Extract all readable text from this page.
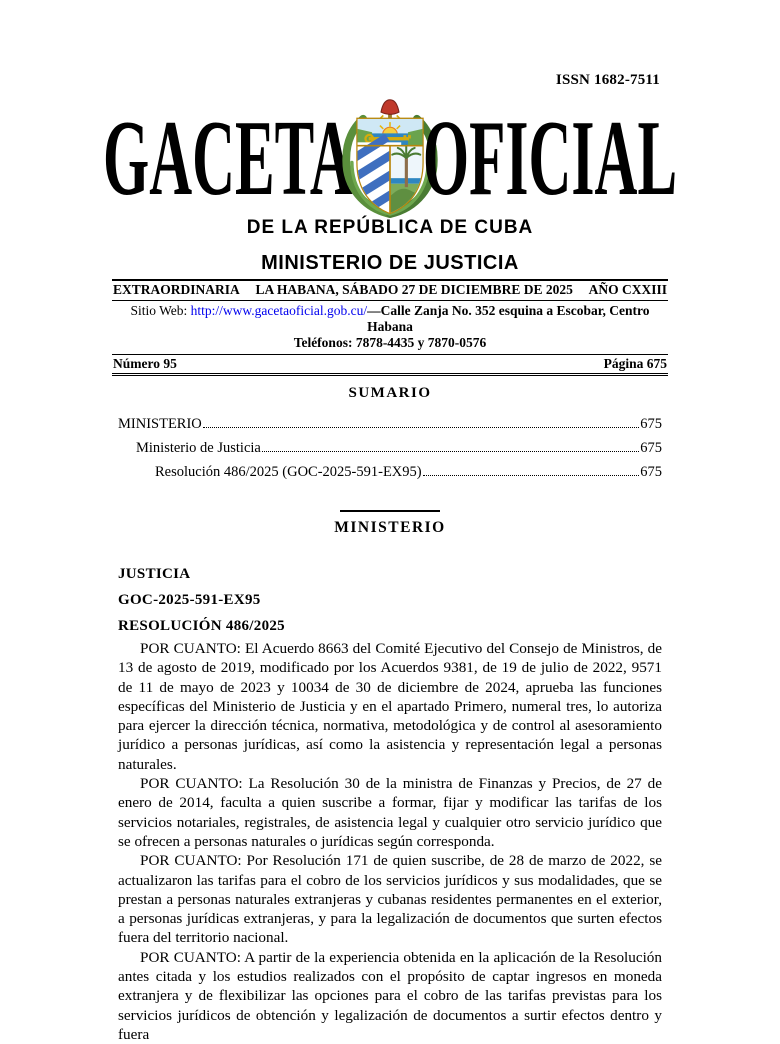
ISSN 1682-7511
GACETA OFICIAL
DE LA REPÚBLICA DE CUBA
MINISTERIO DE JUSTICIA
EXTRAORDINARIA LA HABANA, SÁBADO 27 DE DICIEMBRE DE 2025 AÑO CXXIII
Sitio Web: http://www.gacetaoficial.gob.cu/—Calle Zanja No. 352 esquina a Escobar, Centro Habana
Teléfonos: 7878-4435 y 7870-0576
Número 95	Página 675
SUMARIO
MINISTERIO	675
Ministerio de Justicia	675
Resolución 486/2025 (GOC-2025-591-EX95)	675
MINISTERIO
JUSTICIA
GOC-2025-591-EX95
RESOLUCIÓN 486/2025

POR CUANTO: El Acuerdo 8663 del Comité Ejecutivo del Consejo de Ministros, de 13 de agosto de 2019, modificado por los Acuerdos 9381, de 19 de julio de 2022, 9571 de 11 de mayo de 2023 y 10034 de 30 de diciembre de 2024, aprueba las funciones específicas del Ministerio de Justicia y en el apartado Primero, numeral tres, lo autoriza para ejercer la dirección técnica, normativa, metodológica y de control al asesoramiento jurídico a personas jurídicas, así como la asistencia y representación legal a personas naturales.

POR CUANTO: La Resolución 30 de la ministra de Finanzas y Precios, de 27 de enero de 2014, faculta a quien suscribe a formar, fijar y modificar las tarifas de los servicios notariales, registrales, de asistencia legal y cualquier otro servicio jurídico que se ofrecen a personas naturales o jurídicas según corresponda.

POR CUANTO: Por Resolución 171 de quien suscribe, de 28 de marzo de 2022, se actualizaron las tarifas para el cobro de los servicios jurídicos y sus modalidades, que se prestan a personas naturales extranjeras y cubanas residentes permanentes en el exterior, a personas jurídicas extranjeras, y para la legalización de documentos que surten efectos fuera del territorio nacional.

POR CUANTO: A partir de la experiencia obtenida en la aplicación de la Resolución antes citada y los estudios realizados con el propósito de captar ingresos en moneda extranjera y de flexibilizar las opciones para el cobro de las tarifas previstas para los servicios jurídicos de obtención y legalización de documentos a surtir efectos dentro y fuera
